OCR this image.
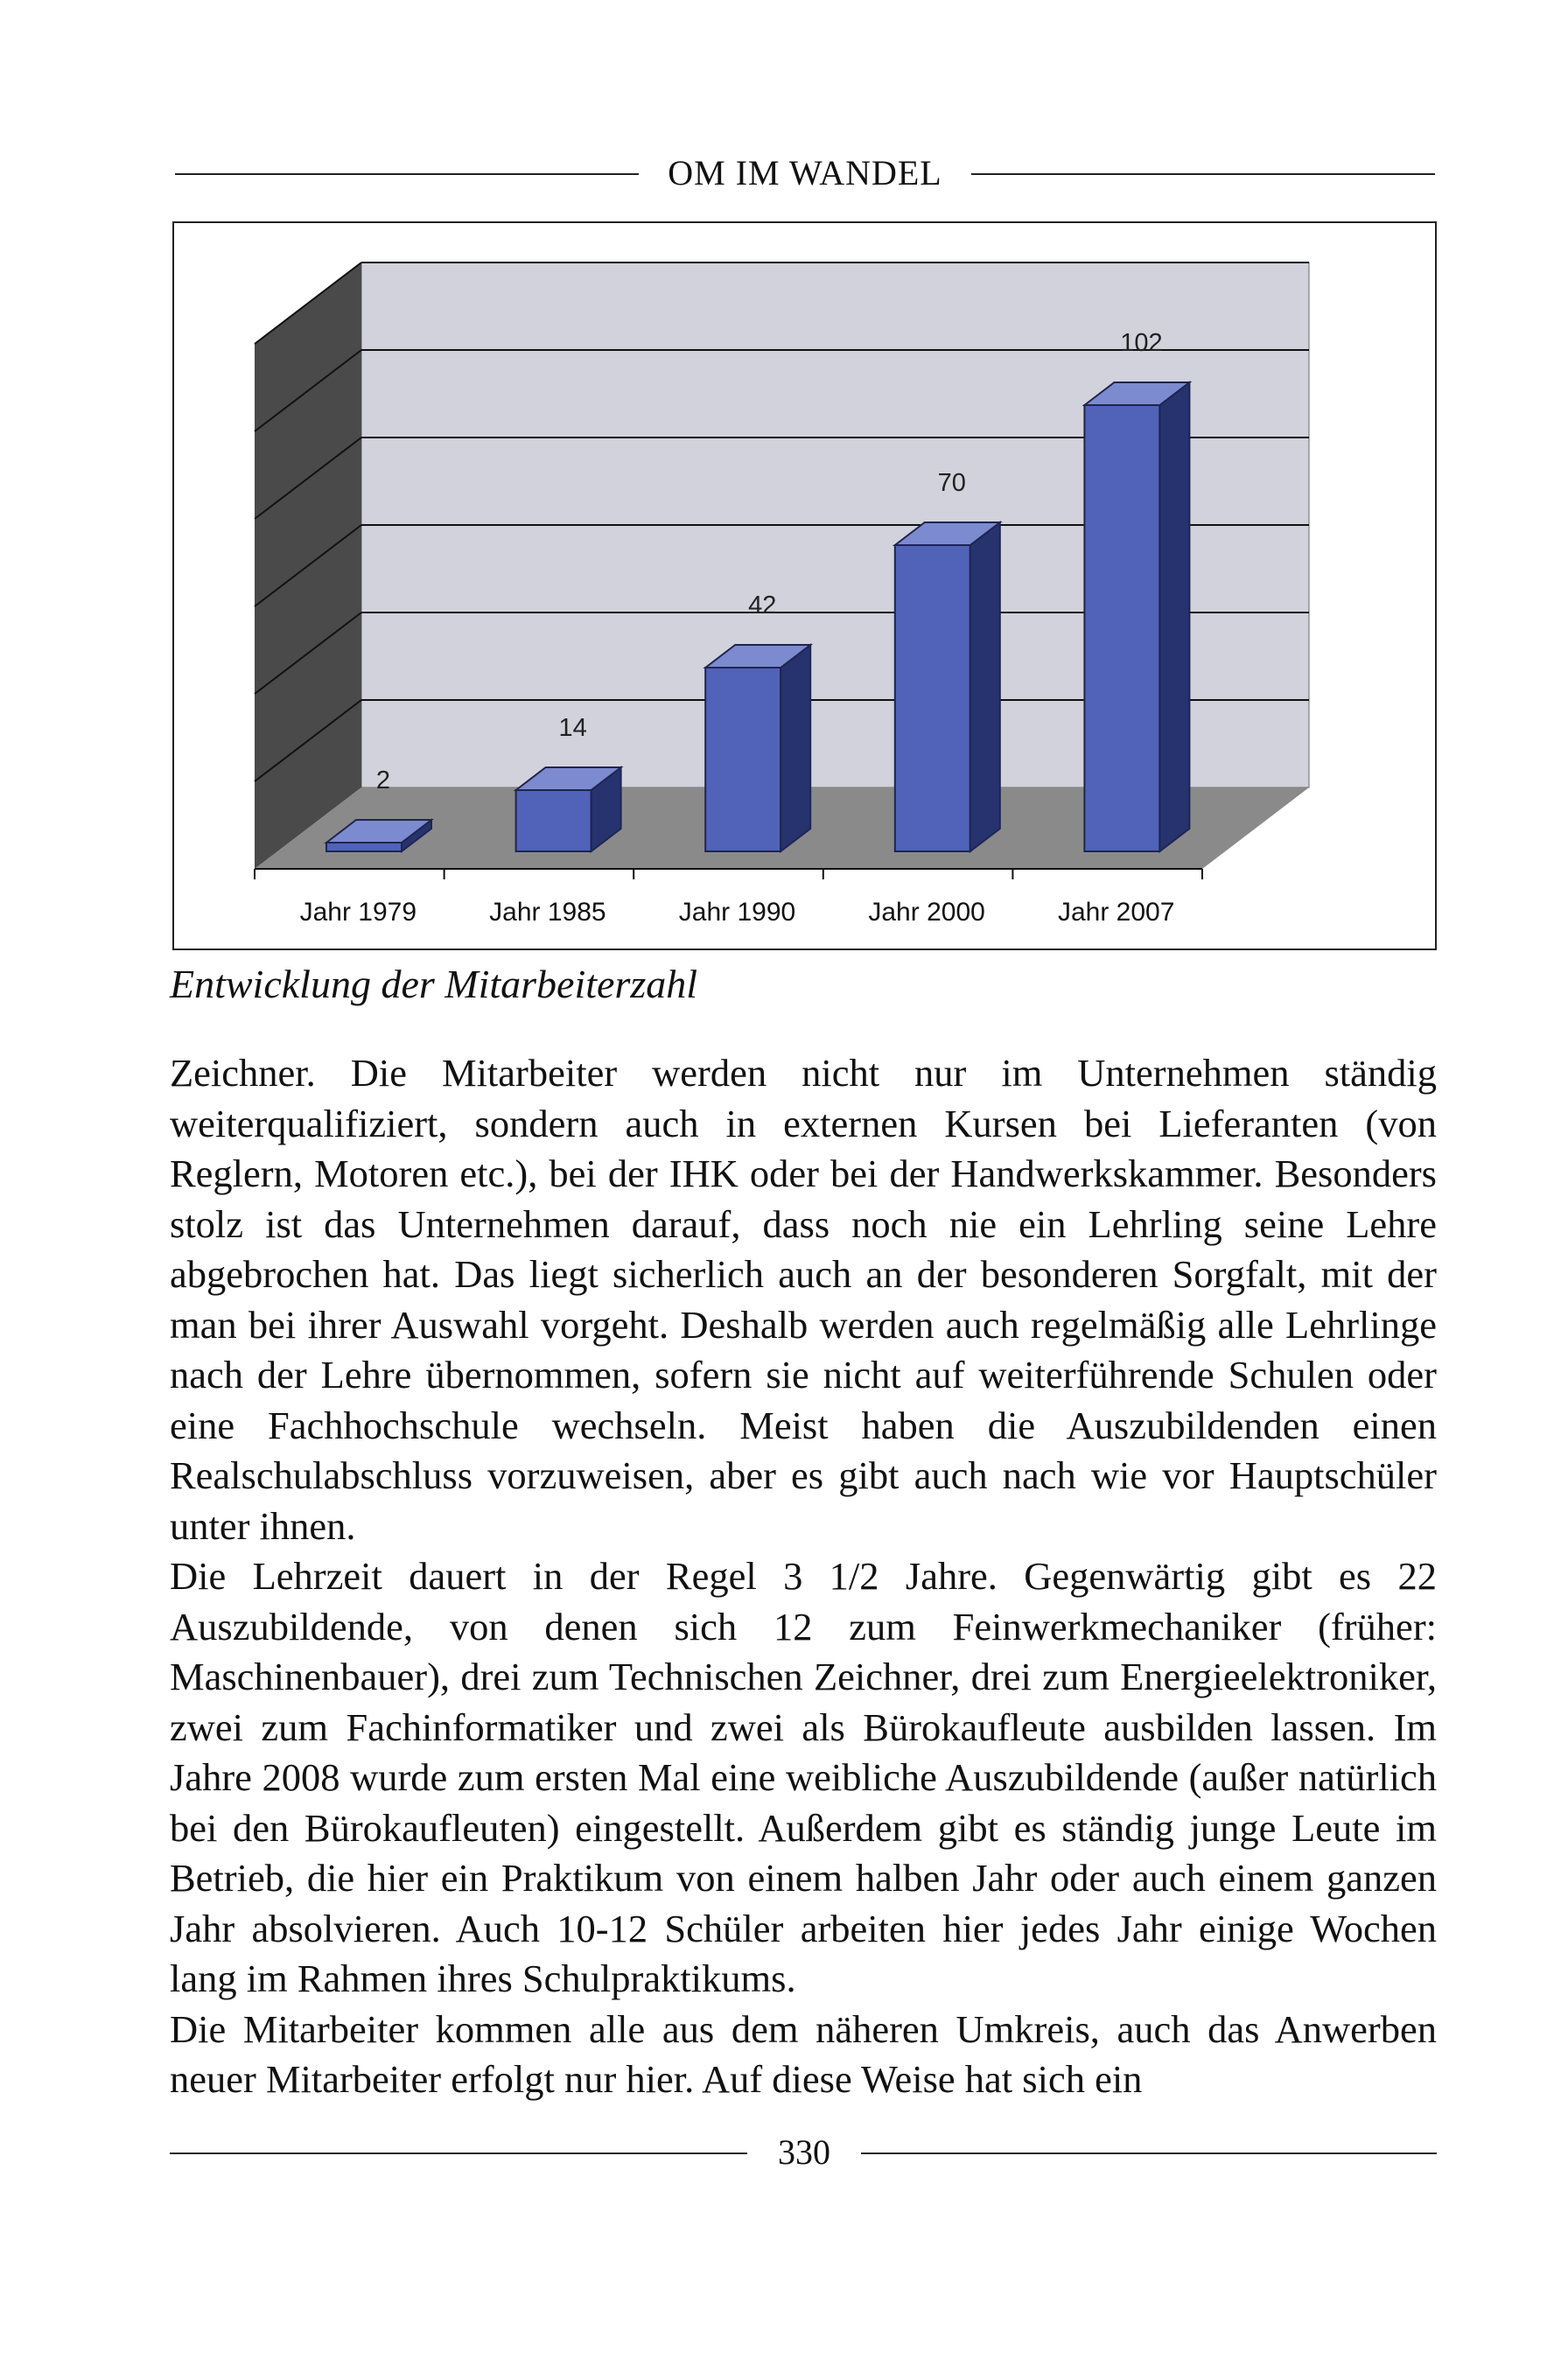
OM IM WANDEL
2
Jahr 1979
14
Jahr 1985
42
Jahr 1990
70
Jahr 2000
102
Jahr 2007
Entwicklung der Mitarbeiterzahl

Zeichner. Die Mitarbeiter werden nicht nur im Unternehmen ständig weiterqualifiziert, sondern auch in externen Kursen bei Lieferanten (von Reglern, Motoren etc.), bei der IHK oder bei der Handwerkskammer. Besonders stolz ist das Unternehmen darauf, dass noch nie ein Lehrling seine Lehre abgebrochen hat. Das liegt sicherlich auch an der besonderen Sorgfalt, mit der man bei ihrer Auswahl vorgeht. Deshalb werden auch regelmäßig alle Lehrlinge nach der Lehre übernommen, sofern sie nicht auf weiterführende Schulen oder eine Fachhochschule wechseln. Meist haben die Auszubildenden einen Realschulabschluss vorzuweisen, aber es gibt auch nach wie vor Hauptschüler unter ihnen.

Die Lehrzeit dauert in der Regel 3 1/2 Jahre. Gegenwärtig gibt es 22 Auszubildende, von denen sich 12 zum Feinwerkmechaniker (früher: Maschinenbauer), drei zum Technischen Zeichner, drei zum Energieelektroniker, zwei zum Fachinformatiker und zwei als Bürokaufleute ausbilden lassen. Im Jahre 2008 wurde zum ersten Mal eine weibliche Auszubildende (außer natürlich bei den Bürokaufleuten) eingestellt. Außerdem gibt es ständig junge Leute im Betrieb, die hier ein Praktikum von einem halben Jahr oder auch einem ganzen Jahr absolvieren. Auch 10-12 Schüler arbeiten hier jedes Jahr einige Wochen lang im Rahmen ihres Schulpraktikums.

Die Mitarbeiter kommen alle aus dem näheren Umkreis, auch das Anwerben neuer Mitarbeiter erfolgt nur hier. Auf diese Weise hat sich ein

330
